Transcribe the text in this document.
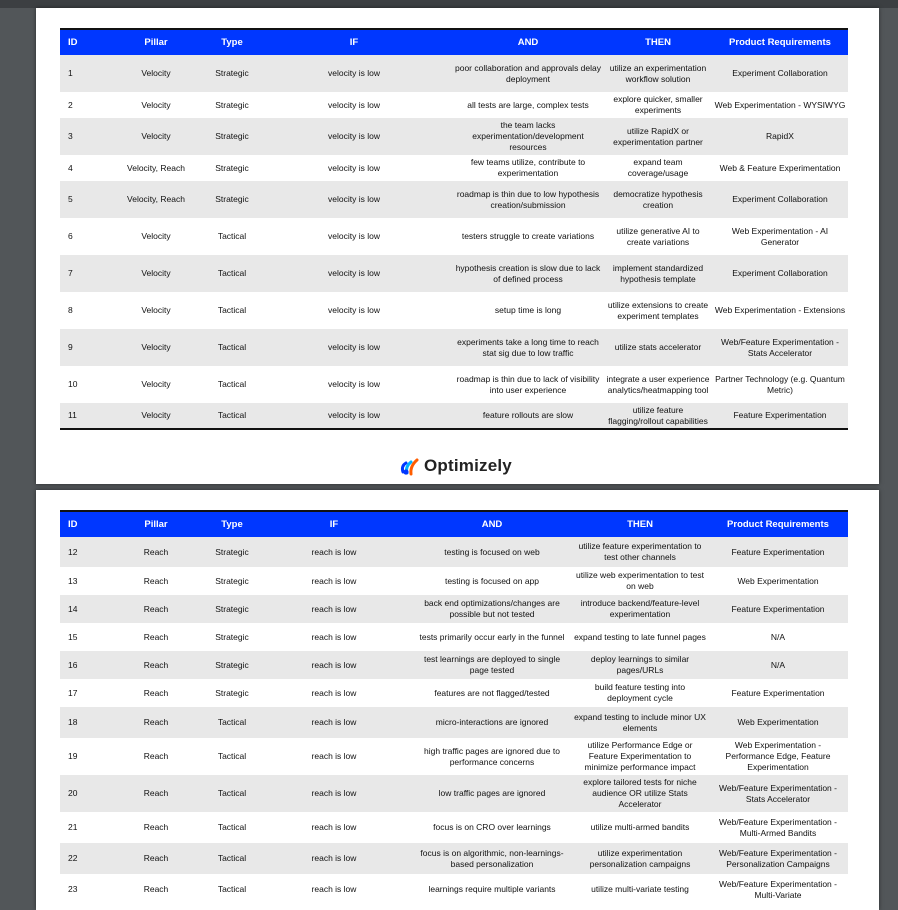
ID	Pillar	Type	IF	AND	THEN	Product Requirements
1	Velocity	Strategic	velocity is low	poor collaboration and approvals delay deployment	utilize an experimentation workflow solution	Experiment Collaboration
2	Velocity	Strategic	velocity is low	all tests are large, complex tests	explore quicker, smaller experiments	Web Experimentation - WYSIWYG
3	Velocity	Strategic	velocity is low	the team lacks experimentation/development resources	utilize RapidX or experimentation partner	RapidX
4	Velocity, Reach	Strategic	velocity is low	few teams utilize, contribute to experimentation	expand team coverage/usage	Web & Feature Experimentation
5	Velocity, Reach	Strategic	velocity is low	roadmap is thin due to low hypothesis creation/submission	democratize hypothesis creation	Experiment Collaboration
6	Velocity	Tactical	velocity is low	testers struggle to create variations	utilize generative AI to create variations	Web Experimentation - AI Generator
7	Velocity	Tactical	velocity is low	hypothesis creation is slow due to lack of defined process	implement standardized hypothesis template	Experiment Collaboration
8	Velocity	Tactical	velocity is low	setup time is long	utilize extensions to create experiment templates	Web Experimentation - Extensions
9	Velocity	Tactical	velocity is low	experiments take a long time to reach stat sig due to low traffic	utilize stats accelerator	Web/Feature Experimentation - Stats Accelerator
10	Velocity	Tactical	velocity is low	roadmap is thin due to lack of visibility into user experience	integrate a user experience analytics/heatmapping tool	Partner Technology (e.g. Quantum Metric)
11	Velocity	Tactical	velocity is low	feature rollouts are slow	utilize feature flagging/rollout capabilities	Feature Experimentation
Optimizely
ID	Pillar	Type	IF	AND	THEN	Product Requirements
12	Reach	Strategic	reach is low	testing is focused on web	utilize feature experimentation to test other channels	Feature Experimentation
13	Reach	Strategic	reach is low	testing is focused on app	utilize web experimentation to test on web	Web Experimentation
14	Reach	Strategic	reach is low	back end optimizations/changes are possible but not tested	introduce backend/feature-level experimentation	Feature Experimentation
15	Reach	Strategic	reach is low	tests primarily occur early in the funnel	expand testing to late funnel pages	N/A
16	Reach	Strategic	reach is low	test learnings are deployed to single page tested	deploy learnings to similar pages/URLs	N/A
17	Reach	Strategic	reach is low	features are not flagged/tested	build feature testing into deployment cycle	Feature Experimentation
18	Reach	Tactical	reach is low	micro-interactions are ignored	expand testing to include minor UX elements	Web Experimentation
19	Reach	Tactical	reach is low	high traffic pages are ignored due to performance concerns	utilize Performance Edge or Feature Experimentation to minimize performance impact	Web Experimentation - Performance Edge, Feature Experimentation
20	Reach	Tactical	reach is low	low traffic pages are ignored	explore tailored tests for niche audience OR utilize Stats Accelerator	Web/Feature Experimentation - Stats Accelerator
21	Reach	Tactical	reach is low	focus is on CRO over learnings	utilize multi-armed bandits	Web/Feature Experimentation - Multi-Armed Bandits
22	Reach	Tactical	reach is low	focus is on algorithmic, non-learnings-based personalization	utilize experimentation personalization campaigns	Web/Feature Experimentation - Personalization Campaigns
23	Reach	Tactical	reach is low	learnings require multiple variants	utilize multi-variate testing	Web/Feature Experimentation - Multi-Variate
